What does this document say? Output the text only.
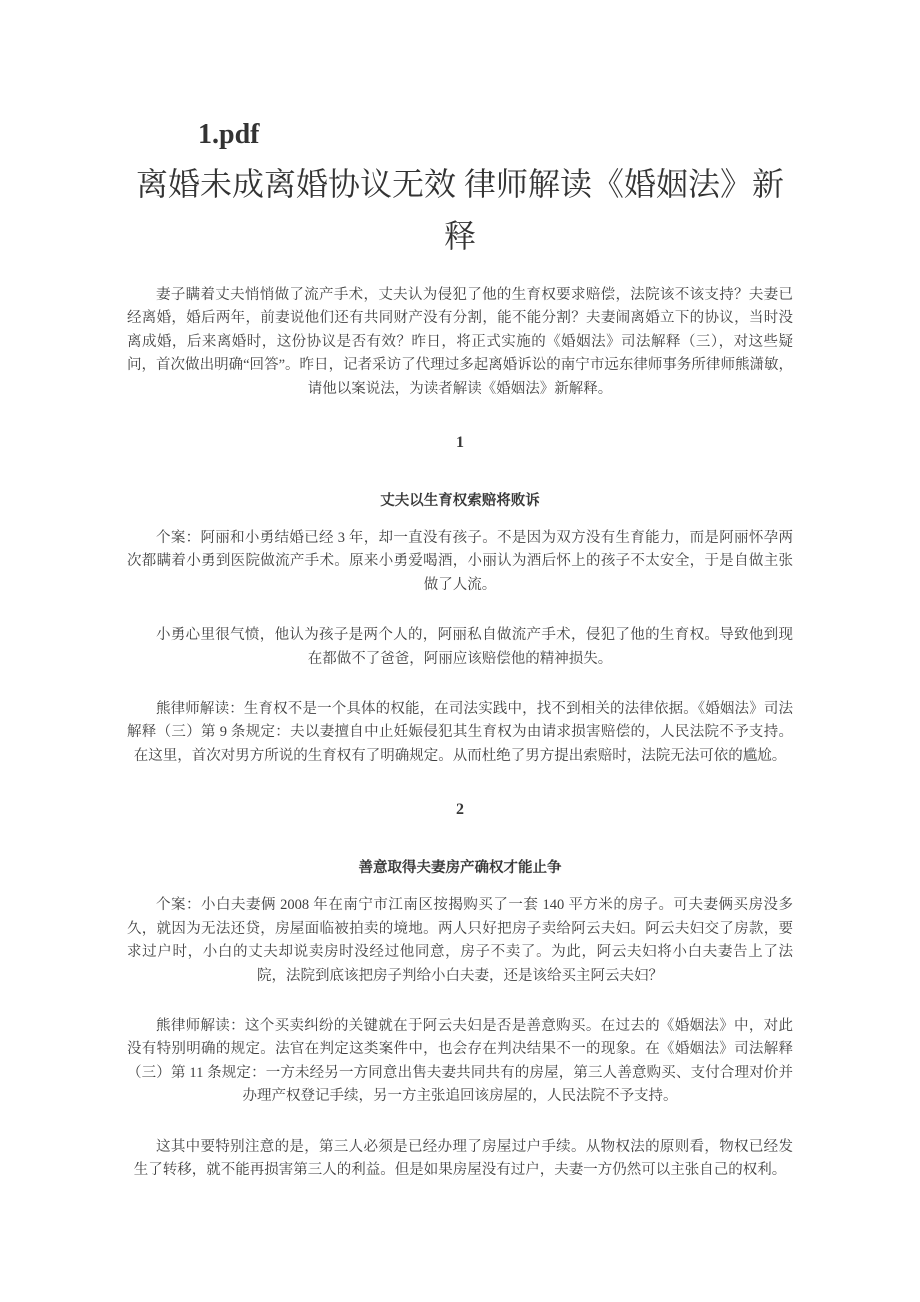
1.pdf
离婚未成离婚协议无效 律师解读《婚姻法》新释

妻子瞒着丈夫悄悄做了流产手术，丈夫认为侵犯了他的生育权要求赔偿，法院该不该支持？夫妻已经离婚，婚后两年，前妻说他们还有共同财产没有分割，能不能分割？夫妻闹离婚立下的协议，当时没离成婚，后来离婚时，这份协议是否有效？昨日，将正式实施的《婚姻法》司法解释（三），对这些疑问，首次做出明确“回答”。昨日，记者采访了代理过多起离婚诉讼的南宁市远东律师事务所律师熊潇敏，请他以案说法，为读者解读《婚姻法》新解释。

1
丈夫以生育权索赔将败诉

个案：阿丽和小勇结婚已经 3 年，却一直没有孩子。不是因为双方没有生育能力，而是阿丽怀孕两次都瞒着小勇到医院做流产手术。原来小勇爱喝酒，小丽认为酒后怀上的孩子不太安全，于是自做主张做了人流。

小勇心里很气愤，他认为孩子是两个人的，阿丽私自做流产手术，侵犯了他的生育权。导致他到现在都做不了爸爸，阿丽应该赔偿他的精神损失。

熊律师解读：生育权不是一个具体的权能，在司法实践中，找不到相关的法律依据。《婚姻法》司法解释（三）第 9 条规定：夫以妻擅自中止妊娠侵犯其生育权为由请求损害赔偿的，人民法院不予支持。在这里，首次对男方所说的生育权有了明确规定。从而杜绝了男方提出索赔时，法院无法可依的尴尬。

2
善意取得夫妻房产确权才能止争

个案：小白夫妻俩 2008 年在南宁市江南区按揭购买了一套 140 平方米的房子。可夫妻俩买房没多久，就因为无法还贷，房屋面临被拍卖的境地。两人只好把房子卖给阿云夫妇。阿云夫妇交了房款，要求过户时，小白的丈夫却说卖房时没经过他同意，房子不卖了。为此，阿云夫妇将小白夫妻告上了法院，法院到底该把房子判给小白夫妻，还是该给买主阿云夫妇？

熊律师解读：这个买卖纠纷的关键就在于阿云夫妇是否是善意购买。在过去的《婚姻法》中，对此没有特别明确的规定。法官在判定这类案件中，也会存在判决结果不一的现象。在《婚姻法》司法解释（三）第 11 条规定：一方未经另一方同意出售夫妻共同共有的房屋，第三人善意购买、支付合理对价并办理产权登记手续，另一方主张追回该房屋的，人民法院不予支持。

这其中要特别注意的是，第三人必须是已经办理了房屋过户手续。从物权法的原则看，物权已经发生了转移，就不能再损害第三人的利益。但是如果房屋没有过户，夫妻一方仍然可以主张自己的权利。
